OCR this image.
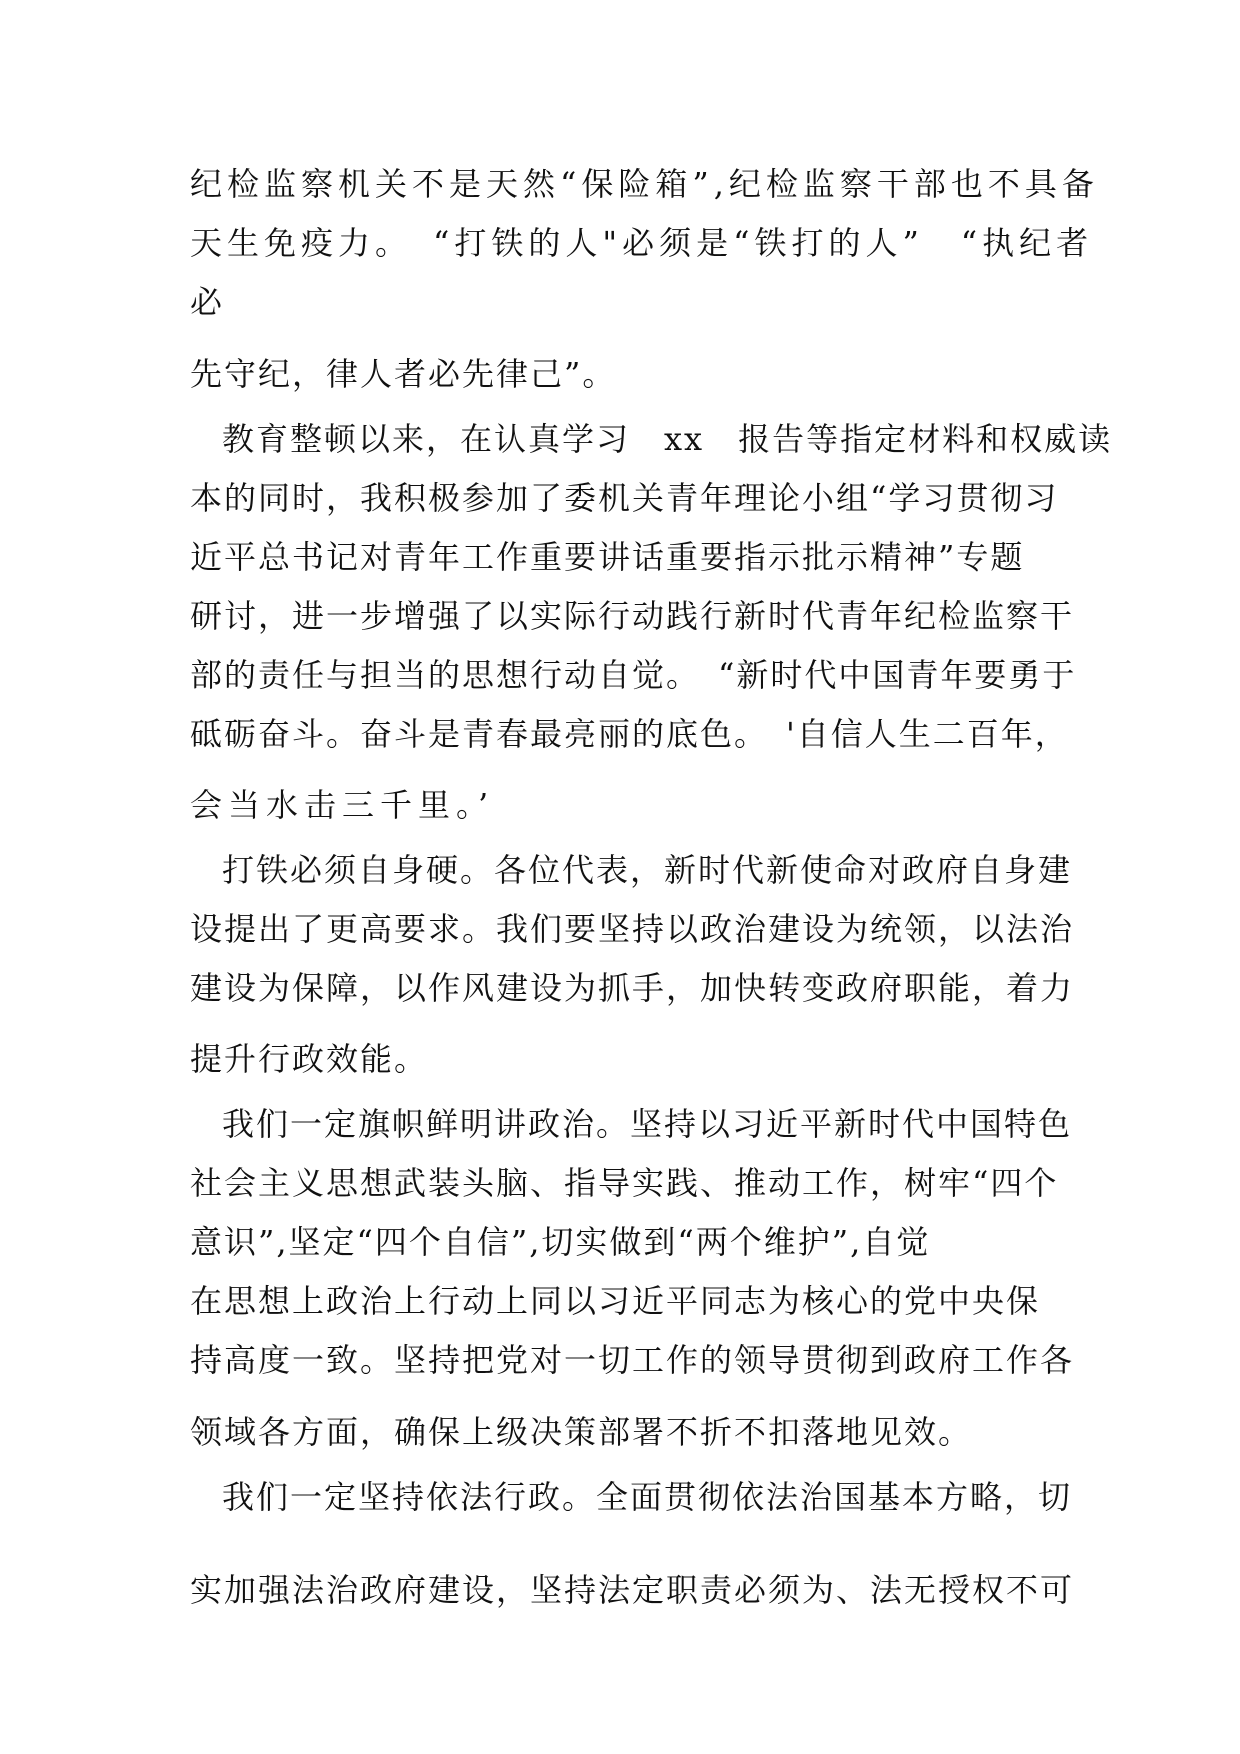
纪检监察机关不是天然“保险箱”,纪检监察干部也不具备
天生免疫力。　“打铁的人"必须是“铁打的人”　“执纪者
必
先守纪，律人者必先律己”。
教育整顿以来，在认真学习　xx　报告等指定材料和权威读
本的同时，我积极参加了委机关青年理论小组“学习贯彻习
近平总书记对青年工作重要讲话重要指示批示精神”专题
研讨，进一步增强了以实际行动践行新时代青年纪检监察干
部的责任与担当的思想行动自觉。　“新时代中国青年要勇于
砥砺奋斗。奋斗是青春最亮丽的底色。　'自信人生二百年，
会当水击三千里。’
打铁必须自身硬。各位代表，新时代新使命对政府自身建
设提出了更高要求。我们要坚持以政治建设为统领，以法治
建设为保障，以作风建设为抓手，加快转变政府职能，着力
提升行政效能。
我们一定旗帜鲜明讲政治。坚持以习近平新时代中国特色
社会主义思想武装头脑、指导实践、推动工作，树牢“四个
意识”,坚定“四个自信”,切实做到“两个维护”,自觉
在思想上政治上行动上同以习近平同志为核心的党中央保
持高度一致。坚持把党对一切工作的领导贯彻到政府工作各
领域各方面，确保上级决策部署不折不扣落地见效。
我们一定坚持依法行政。全面贯彻依法治国基本方略，切
实加强法治政府建设，坚持法定职责必须为、法无授权不可
